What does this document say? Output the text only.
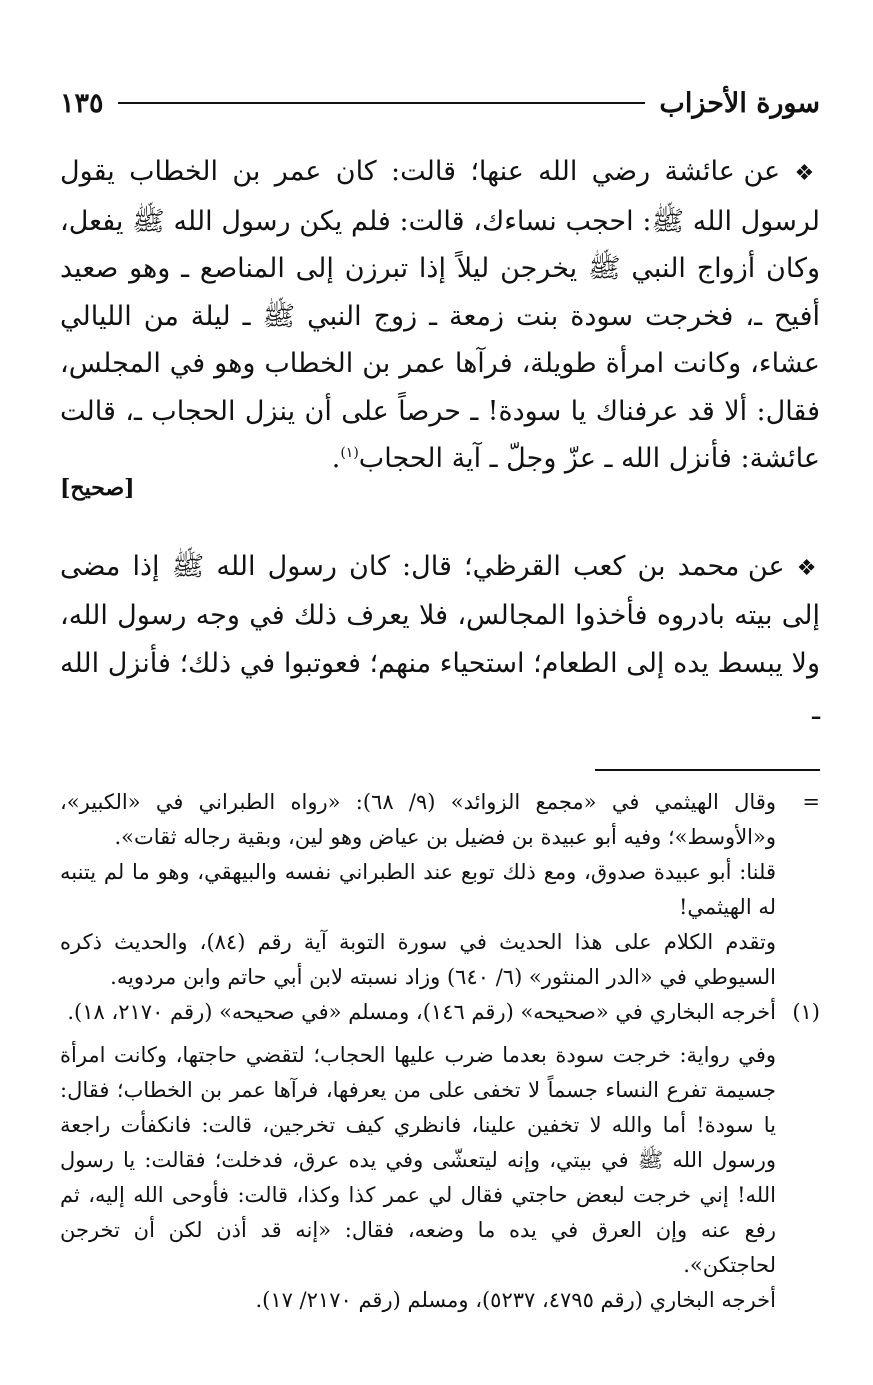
سورة الأحزاب
١٣٥

❖ عن عائشة رضي الله عنها؛ قالت: كان عمر بن الخطاب يقول لرسول الله ﷺ: احجب نساءك، قالت: فلم يكن رسول الله ﷺ يفعل، وكان أزواج النبي ﷺ يخرجن ليلاً إذا تبرزن إلى المناصع ـ وهو صعيد أفيح ـ، فخرجت سودة بنت زمعة ـ زوج النبي ﷺ ـ ليلة من الليالي عشاء، وكانت امرأة طويلة، فرآها عمر بن الخطاب وهو في المجلس، فقال: ألا قد عرفناك يا سودة! ـ حرصاً على أن ينزل الحجاب ـ، قالت عائشة: فأنزل الله ـ عزّ وجلّ ـ آية الحجاب$^{(١)}$.

[صحيح]

❖ عن محمد بن كعب القرظي؛ قال: كان رسول الله ﷺ إذا مضى إلى بيته بادروه فأخذوا المجالس، فلا يعرف ذلك في وجه رسول الله، ولا يبسط يده إلى الطعام؛ استحياء منهم؛ فعوتبوا في ذلك؛ فأنزل الله ـ

=

وقال الهيثمي في «مجمع الزوائد» (٩/ ٦٨): «رواه الطبراني في «الكبير»، و«الأوسط»؛ وفيه أبو عبيدة بن فضيل بن عياض وهو لين، وبقية رجاله ثقات».

قلنا: أبو عبيدة صدوق، ومع ذلك توبع عند الطبراني نفسه والبيهقي، وهو ما لم يتنبه له الهيثمي!

وتقدم الكلام على هذا الحديث في سورة التوبة آية رقم (٨٤)، والحديث ذكره السيوطي في «الدر المنثور» (٦/ ٦٤٠) وزاد نسبته لابن أبي حاتم وابن مردويه.

(١)

أخرجه البخاري في «صحيحه» (رقم ١٤٦)، ومسلم «في صحيحه» (رقم ٢١٧٠، ١٨).

وفي رواية: خرجت سودة بعدما ضرب عليها الحجاب؛ لتقضي حاجتها، وكانت امرأة جسيمة تفرع النساء جسماً لا تخفى على من يعرفها، فرآها عمر بن الخطاب؛ فقال: يا سودة! أما والله لا تخفين علينا، فانظري كيف تخرجين، قالت: فانكفأت راجعة ورسول الله ﷺ في بيتي، وإنه ليتعشّى وفي يده عرق، فدخلت؛ فقالت: يا رسول الله! إني خرجت لبعض حاجتي فقال لي عمر كذا وكذا، قالت: فأوحى الله إليه، ثم رفع عنه وإن العرق في يده ما وضعه، فقال: «إنه قد أذن لكن أن تخرجن لحاجتكن».

أخرجه البخاري (رقم ٤٧٩٥، ٥٢٣٧)، ومسلم (رقم ٢١٧٠/ ١٧).
